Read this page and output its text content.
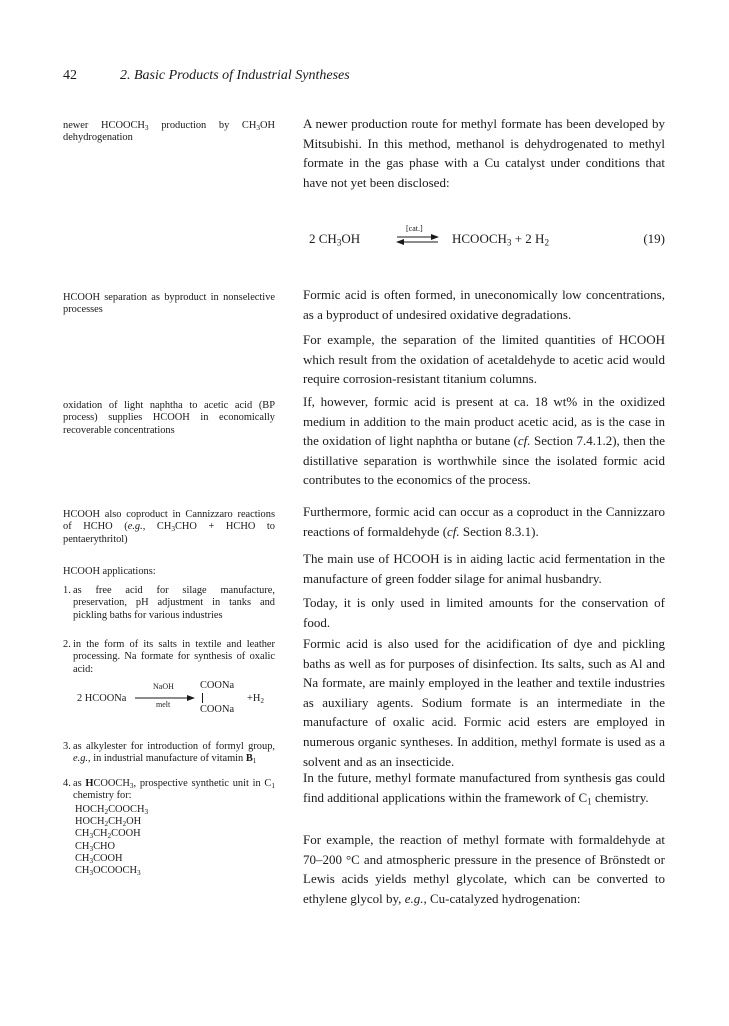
42	2. Basic Products of Industrial Syntheses

newer $HCOOCH_3$ production by $CH_3OH$ dehydrogenation

A newer production route for methyl formate has been developed by Mitsubishi. In this method, methanol is dehydrogenated to methyl formate in the gas phase with a Cu catalyst under conditions that have not yet been disclosed:

2 $CH_3OH$
[cat.]
$HCOOCH_3 + 2$ $H_2$	(19)

HCOOH separation as byproduct in nonselective processes

Formic acid is often formed, in uneconomically low concentrations, as a byproduct of undesired oxidative degradations.

For example, the separation of the limited quantities of HCOOH which result from the oxidation of acetaldehyde to acetic acid would require corrosion-resistant titanium columns.

oxidation of light naphtha to acetic acid (BP process) supplies HCOOH in economically recoverable concentrations

If, however, formic acid is present at ca. 18 wt% in the oxidized medium in addition to the main product acetic acid, as is the case in the oxidation of light naphtha or butane (cf. Section 7.4.1.2), then the distillative separation is worthwhile since the isolated formic acid contributes to the economics of the process.

HCOOH also coproduct in Cannizzaro reactions of HCHO (e.g., $CH_3CHO$ + HCHO to pentaerythritol)

Furthermore, formic acid can occur as a coproduct in the Cannizzaro reactions of formaldehyde (cf. Section 8.3.1).

HCOOH applications:

1. as free acid for silage manufacture, preservation, pH adjustment in tanks and pickling baths for various industries
2. in the form of its salts in textile and leather processing. Na formate for synthesis of oxalic acid:
2 HCOONa
NaOH
melt
COONa
COONa
$+H_2$
3. as alkylester for introduction of formyl group, e.g., in industrial manufacture of vitamin $B_1$
4. as $HCOOCH_3$, prospective synthetic unit in $C_1$ chemistry for:
$HOCH_2COOCH_3$
$HOCH_2CH_2OH$
$CH_3CH_2COOH$
$CH_3CHO$
$CH_3COOH$
$CH_3OCOOCH_3$

The main use of HCOOH is in aiding lactic acid fermentation in the manufacture of green fodder silage for animal husbandry.

Today, it is only used in limited amounts for the conservation of food.

Formic acid is also used for the acidification of dye and pickling baths as well as for purposes of disinfection. Its salts, such as Al and Na formate, are mainly employed in the leather and textile industries as auxiliary agents. Sodium formate is an intermediate in the manufacture of oxalic acid. Formic acid esters are employed in numerous organic syntheses. In addition, methyl formate is used as a solvent and as an insecticide.

In the future, methyl formate manufactured from synthesis gas could find additional applications within the framework of $C_1$ chemistry.

For example, the reaction of methyl formate with formaldehyde at 70–200 °C and atmospheric pressure in the presence of Brönstedt or Lewis acids yields methyl glycolate, which can be converted to ethylene glycol by, e.g., Cu-catalyzed hydrogenation:
